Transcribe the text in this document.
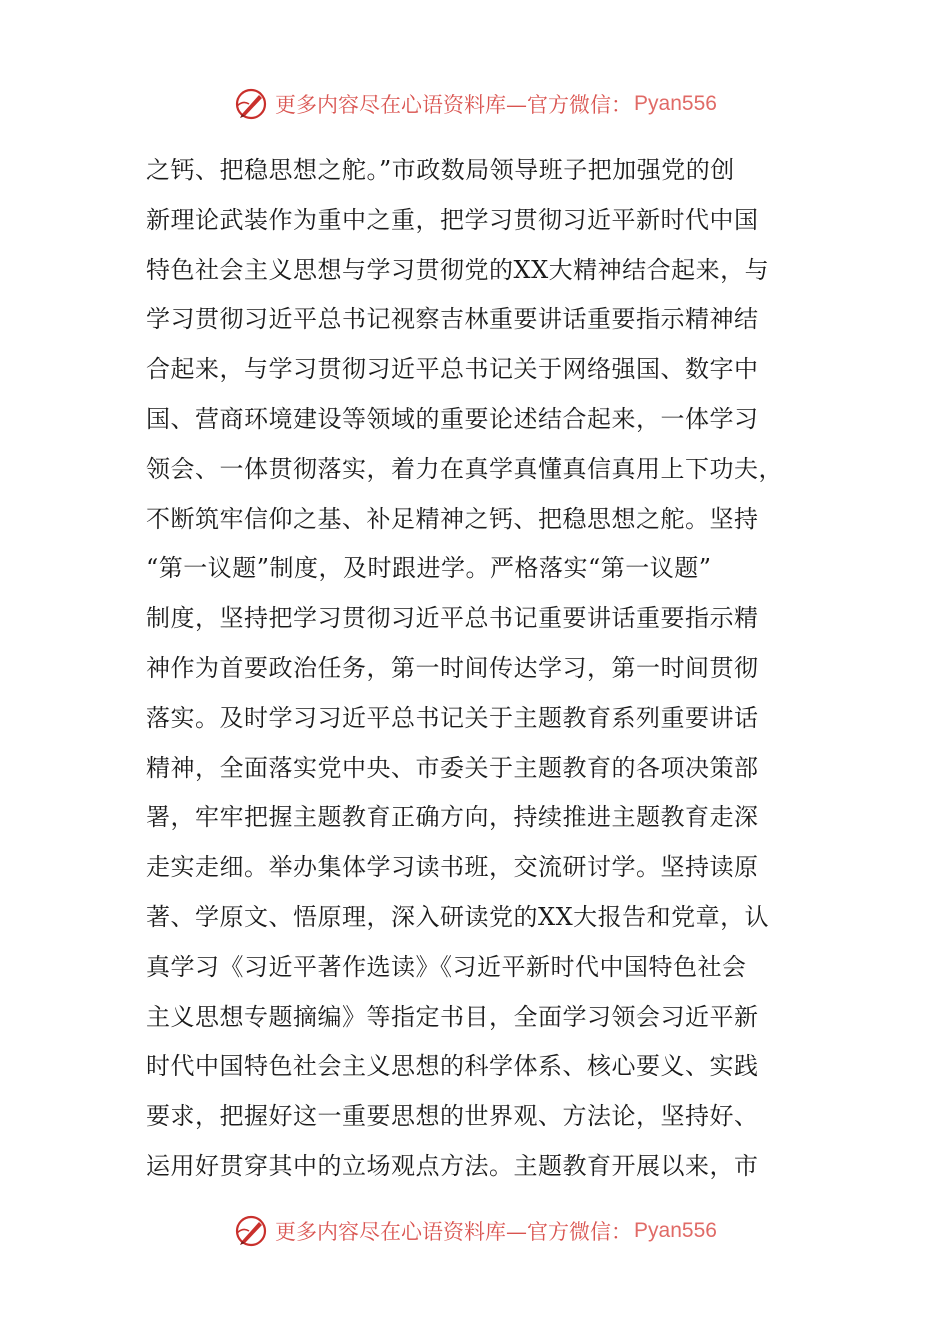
更多内容尽在心语资料库—官方微信： Pyan556
之钙、把稳思想之舵。”市政数局领导班子把加强党的创
新理论武装作为重中之重，把学习贯彻习近平新时代中国
特色社会主义思想与学习贯彻党的XX大精神结合起来，与
学习贯彻习近平总书记视察吉林重要讲话重要指示精神结
合起来，与学习贯彻习近平总书记关于网络强国、数字中
国、营商环境建设等领域的重要论述结合起来，一体学习
领会、一体贯彻落实，着力在真学真懂真信真用上下功夫，
不断筑牢信仰之基、补足精神之钙、把稳思想之舵。坚持
“第一议题”制度，及时跟进学。严格落实“第一议题”
制度，坚持把学习贯彻习近平总书记重要讲话重要指示精
神作为首要政治任务，第一时间传达学习，第一时间贯彻
落实。及时学习习近平总书记关于主题教育系列重要讲话
精神，全面落实党中央、市委关于主题教育的各项决策部
署，牢牢把握主题教育正确方向，持续推进主题教育走深
走实走细。举办集体学习读书班，交流研讨学。坚持读原
著、学原文、悟原理，深入研读党的XX大报告和党章，认
真学习《习近平著作选读》《习近平新时代中国特色社会
主义思想专题摘编》等指定书目，全面学习领会习近平新
时代中国特色社会主义思想的科学体系、核心要义、实践
要求，把握好这一重要思想的世界观、方法论，坚持好、
运用好贯穿其中的立场观点方法。主题教育开展以来，市
更多内容尽在心语资料库—官方微信： Pyan556
